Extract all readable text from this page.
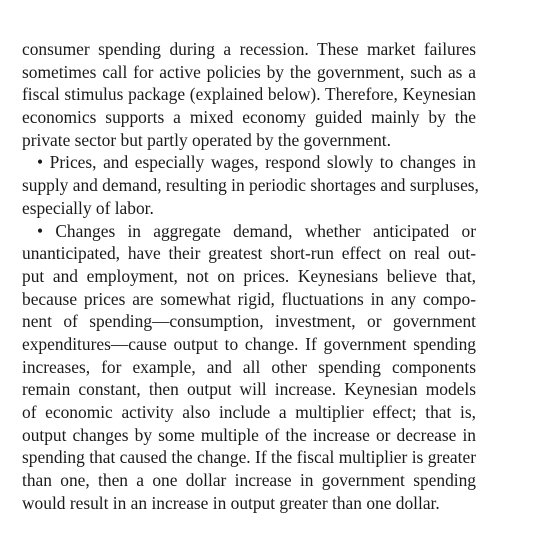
consumer spending during a recession. These market failures
sometimes call for active policies by the government, such as a
fiscal stimulus package (explained below). Therefore, Keynesian
economics supports a mixed economy guided mainly by the
private sector but partly operated by the government.
• Prices, and especially wages, respond slowly to changes in
supply and demand, resulting in periodic shortages and surpluses,
especially of labor.
• Changes in aggregate demand, whether anticipated or
unanticipated, have their greatest short-run effect on real out-
put and employment, not on prices. Keynesians believe that,
because prices are somewhat rigid, fluctuations in any compo-
nent of spending—consumption, investment, or government
expenditures—cause output to change. If government spending
increases, for example, and all other spending components
remain constant, then output will increase. Keynesian models
of economic activity also include a multiplier effect; that is,
output changes by some multiple of the increase or decrease in
spending that caused the change. If the fiscal multiplier is greater
than one, then a one dollar increase in government spending
would result in an increase in output greater than one dollar.
